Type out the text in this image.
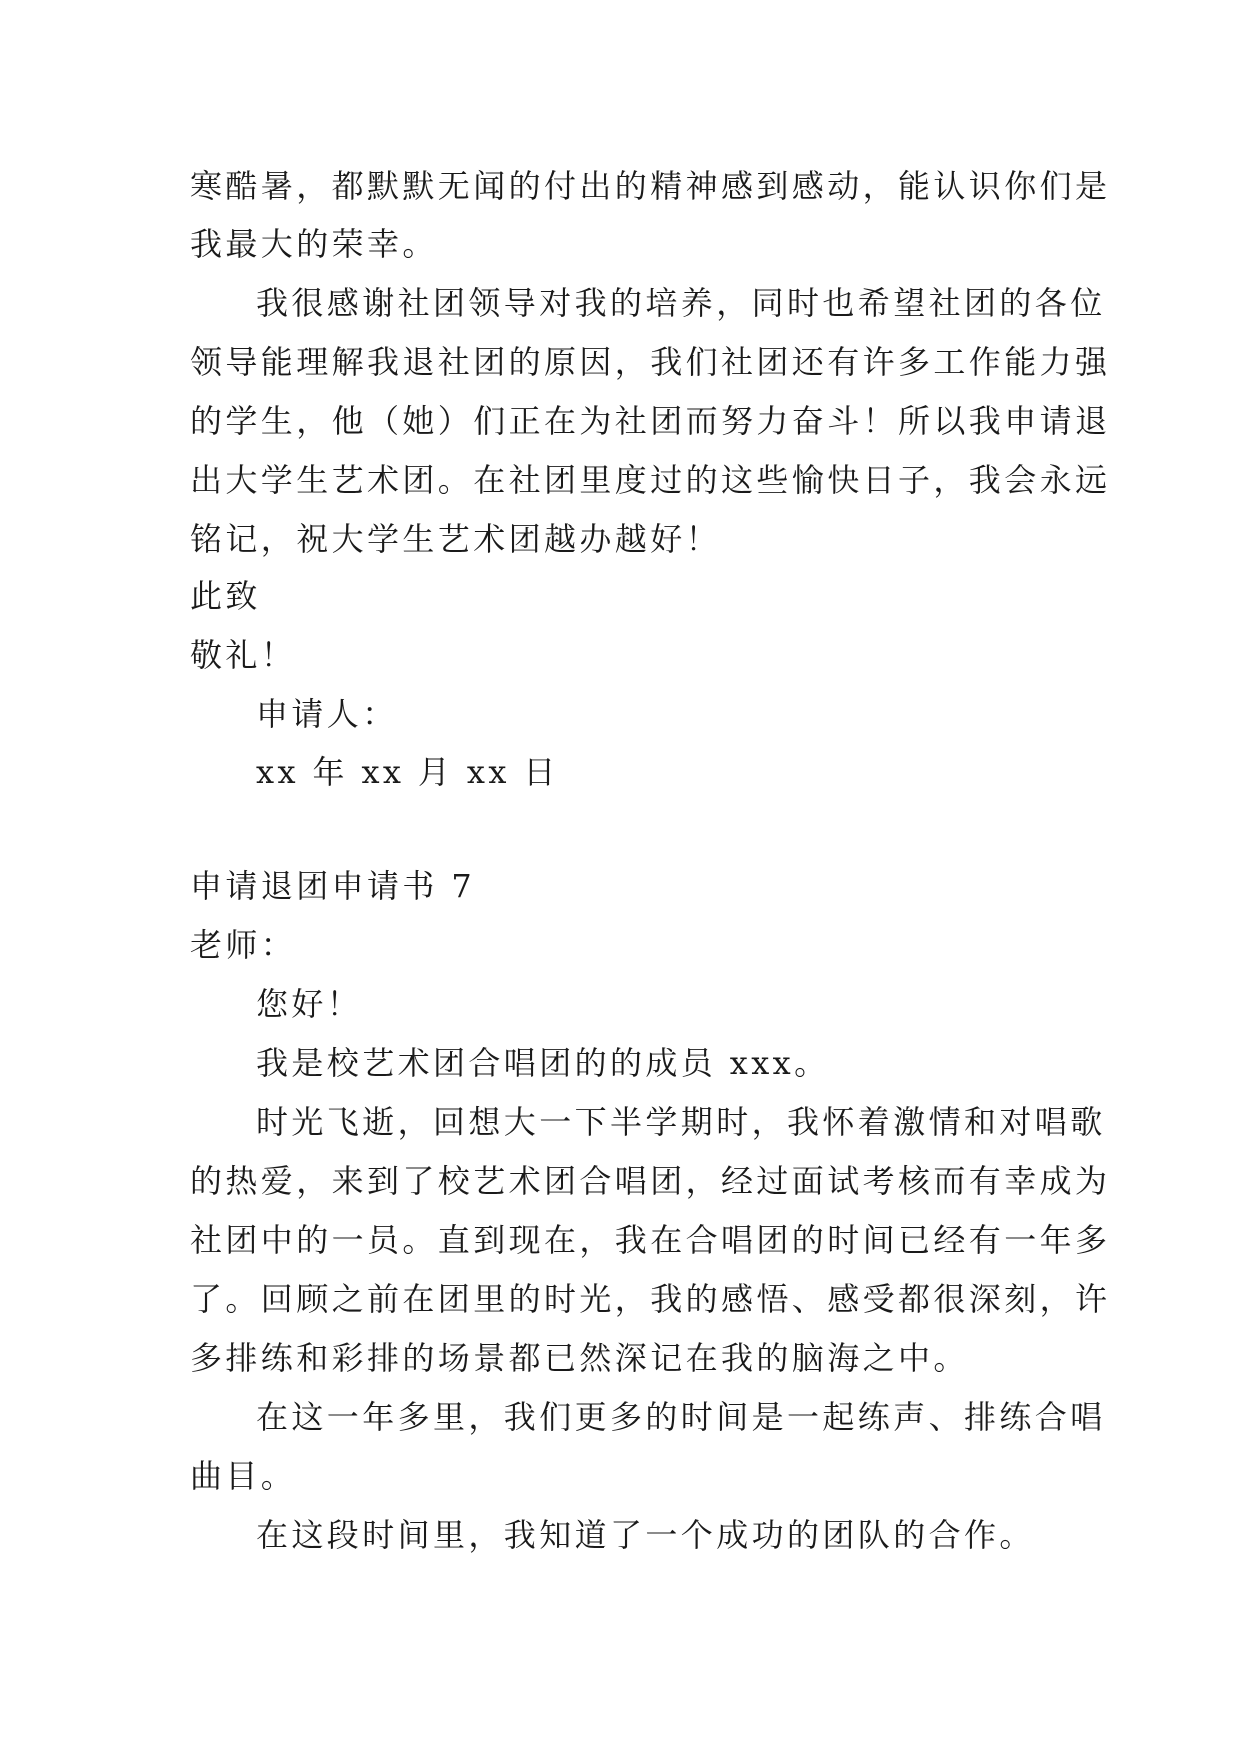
寒酷暑，都默默无闻的付出的精神感到感动，能认识你们是
我最大的荣幸。
我很感谢社团领导对我的培养，同时也希望社团的各位
领导能理解我退社团的原因，我们社团还有许多工作能力强
的学生，他（她）们正在为社团而努力奋斗！所以我申请退
出大学生艺术团。在社团里度过的这些愉快日子，我会永远
铭记，祝大学生艺术团越办越好！
此致
敬礼！
申请人：
xx 年 xx 月 xx 日
申请退团申请书 7
老师：
您好！
我是校艺术团合唱团的的成员 xxx。
时光飞逝，回想大一下半学期时，我怀着激情和对唱歌
的热爱，来到了校艺术团合唱团，经过面试考核而有幸成为
社团中的一员。直到现在，我在合唱团的时间已经有一年多
了。回顾之前在团里的时光，我的感悟、感受都很深刻，许
多排练和彩排的场景都已然深记在我的脑海之中。
在这一年多里，我们更多的时间是一起练声、排练合唱
曲目。
在这段时间里，我知道了一个成功的团队的合作。
